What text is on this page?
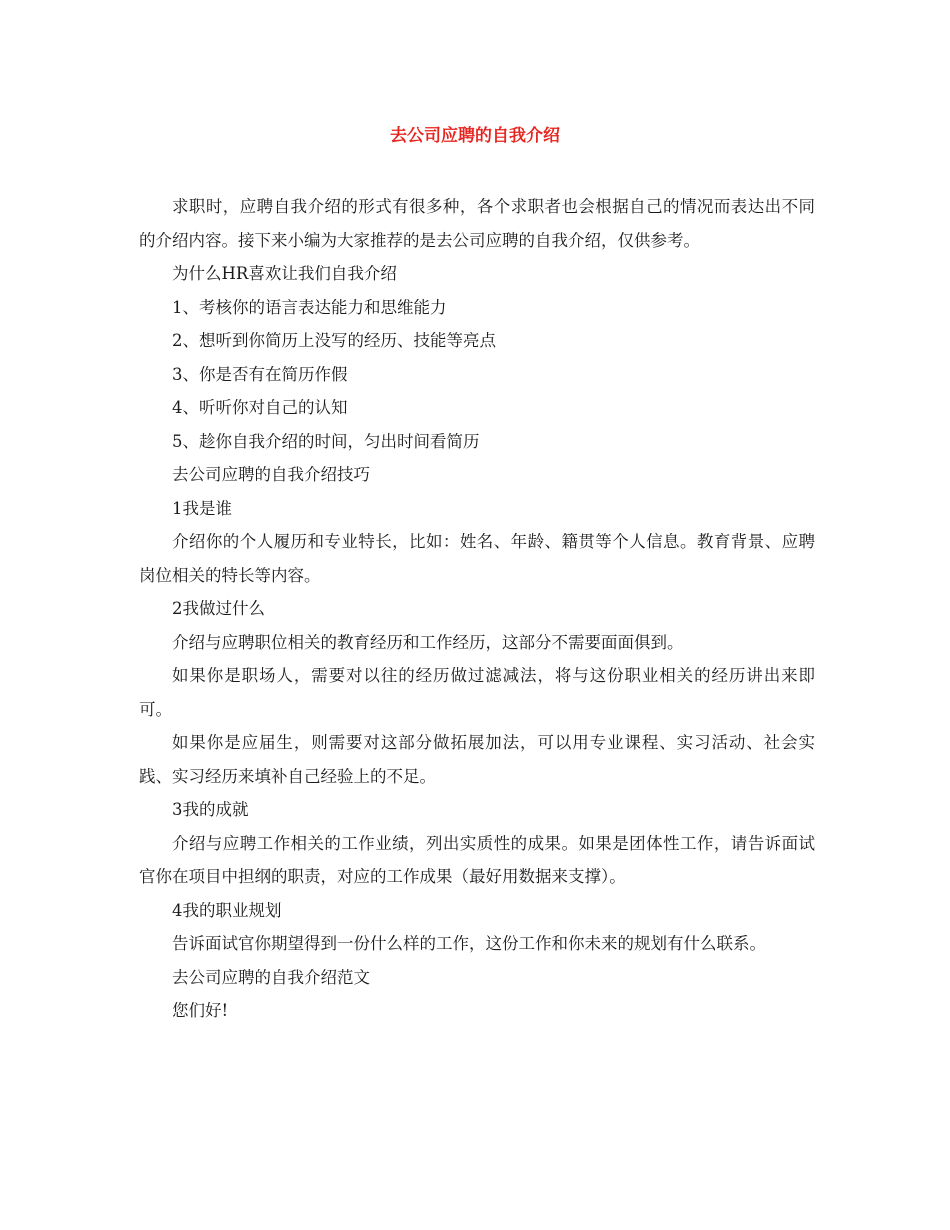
去公司应聘的自我介绍

求职时，应聘自我介绍的形式有很多种，各个求职者也会根据自己的情况而表达出不同的介绍内容。接下来小编为大家推荐的是去公司应聘的自我介绍，仅供参考。

为什么HR喜欢让我们自我介绍

1、考核你的语言表达能力和思维能力

2、想听到你简历上没写的经历、技能等亮点

3、你是否有在简历作假

4、听听你对自己的认知

5、趁你自我介绍的时间，匀出时间看简历

去公司应聘的自我介绍技巧

1我是谁

介绍你的个人履历和专业特长，比如：姓名、年龄、籍贯等个人信息。教育背景、应聘岗位相关的特长等内容。

2我做过什么

介绍与应聘职位相关的教育经历和工作经历，这部分不需要面面俱到。

如果你是职场人，需要对以往的经历做过滤减法，将与这份职业相关的经历讲出来即可。

如果你是应届生，则需要对这部分做拓展加法，可以用专业课程、实习活动、社会实践、实习经历来填补自己经验上的不足。

3我的成就

介绍与应聘工作相关的工作业绩，列出实质性的成果。如果是团体性工作，请告诉面试官你在项目中担纲的职责，对应的工作成果（最好用数据来支撑）。

4我的职业规划

告诉面试官你期望得到一份什么样的工作，这份工作和你未来的规划有什么联系。

去公司应聘的自我介绍范文

您们好!
